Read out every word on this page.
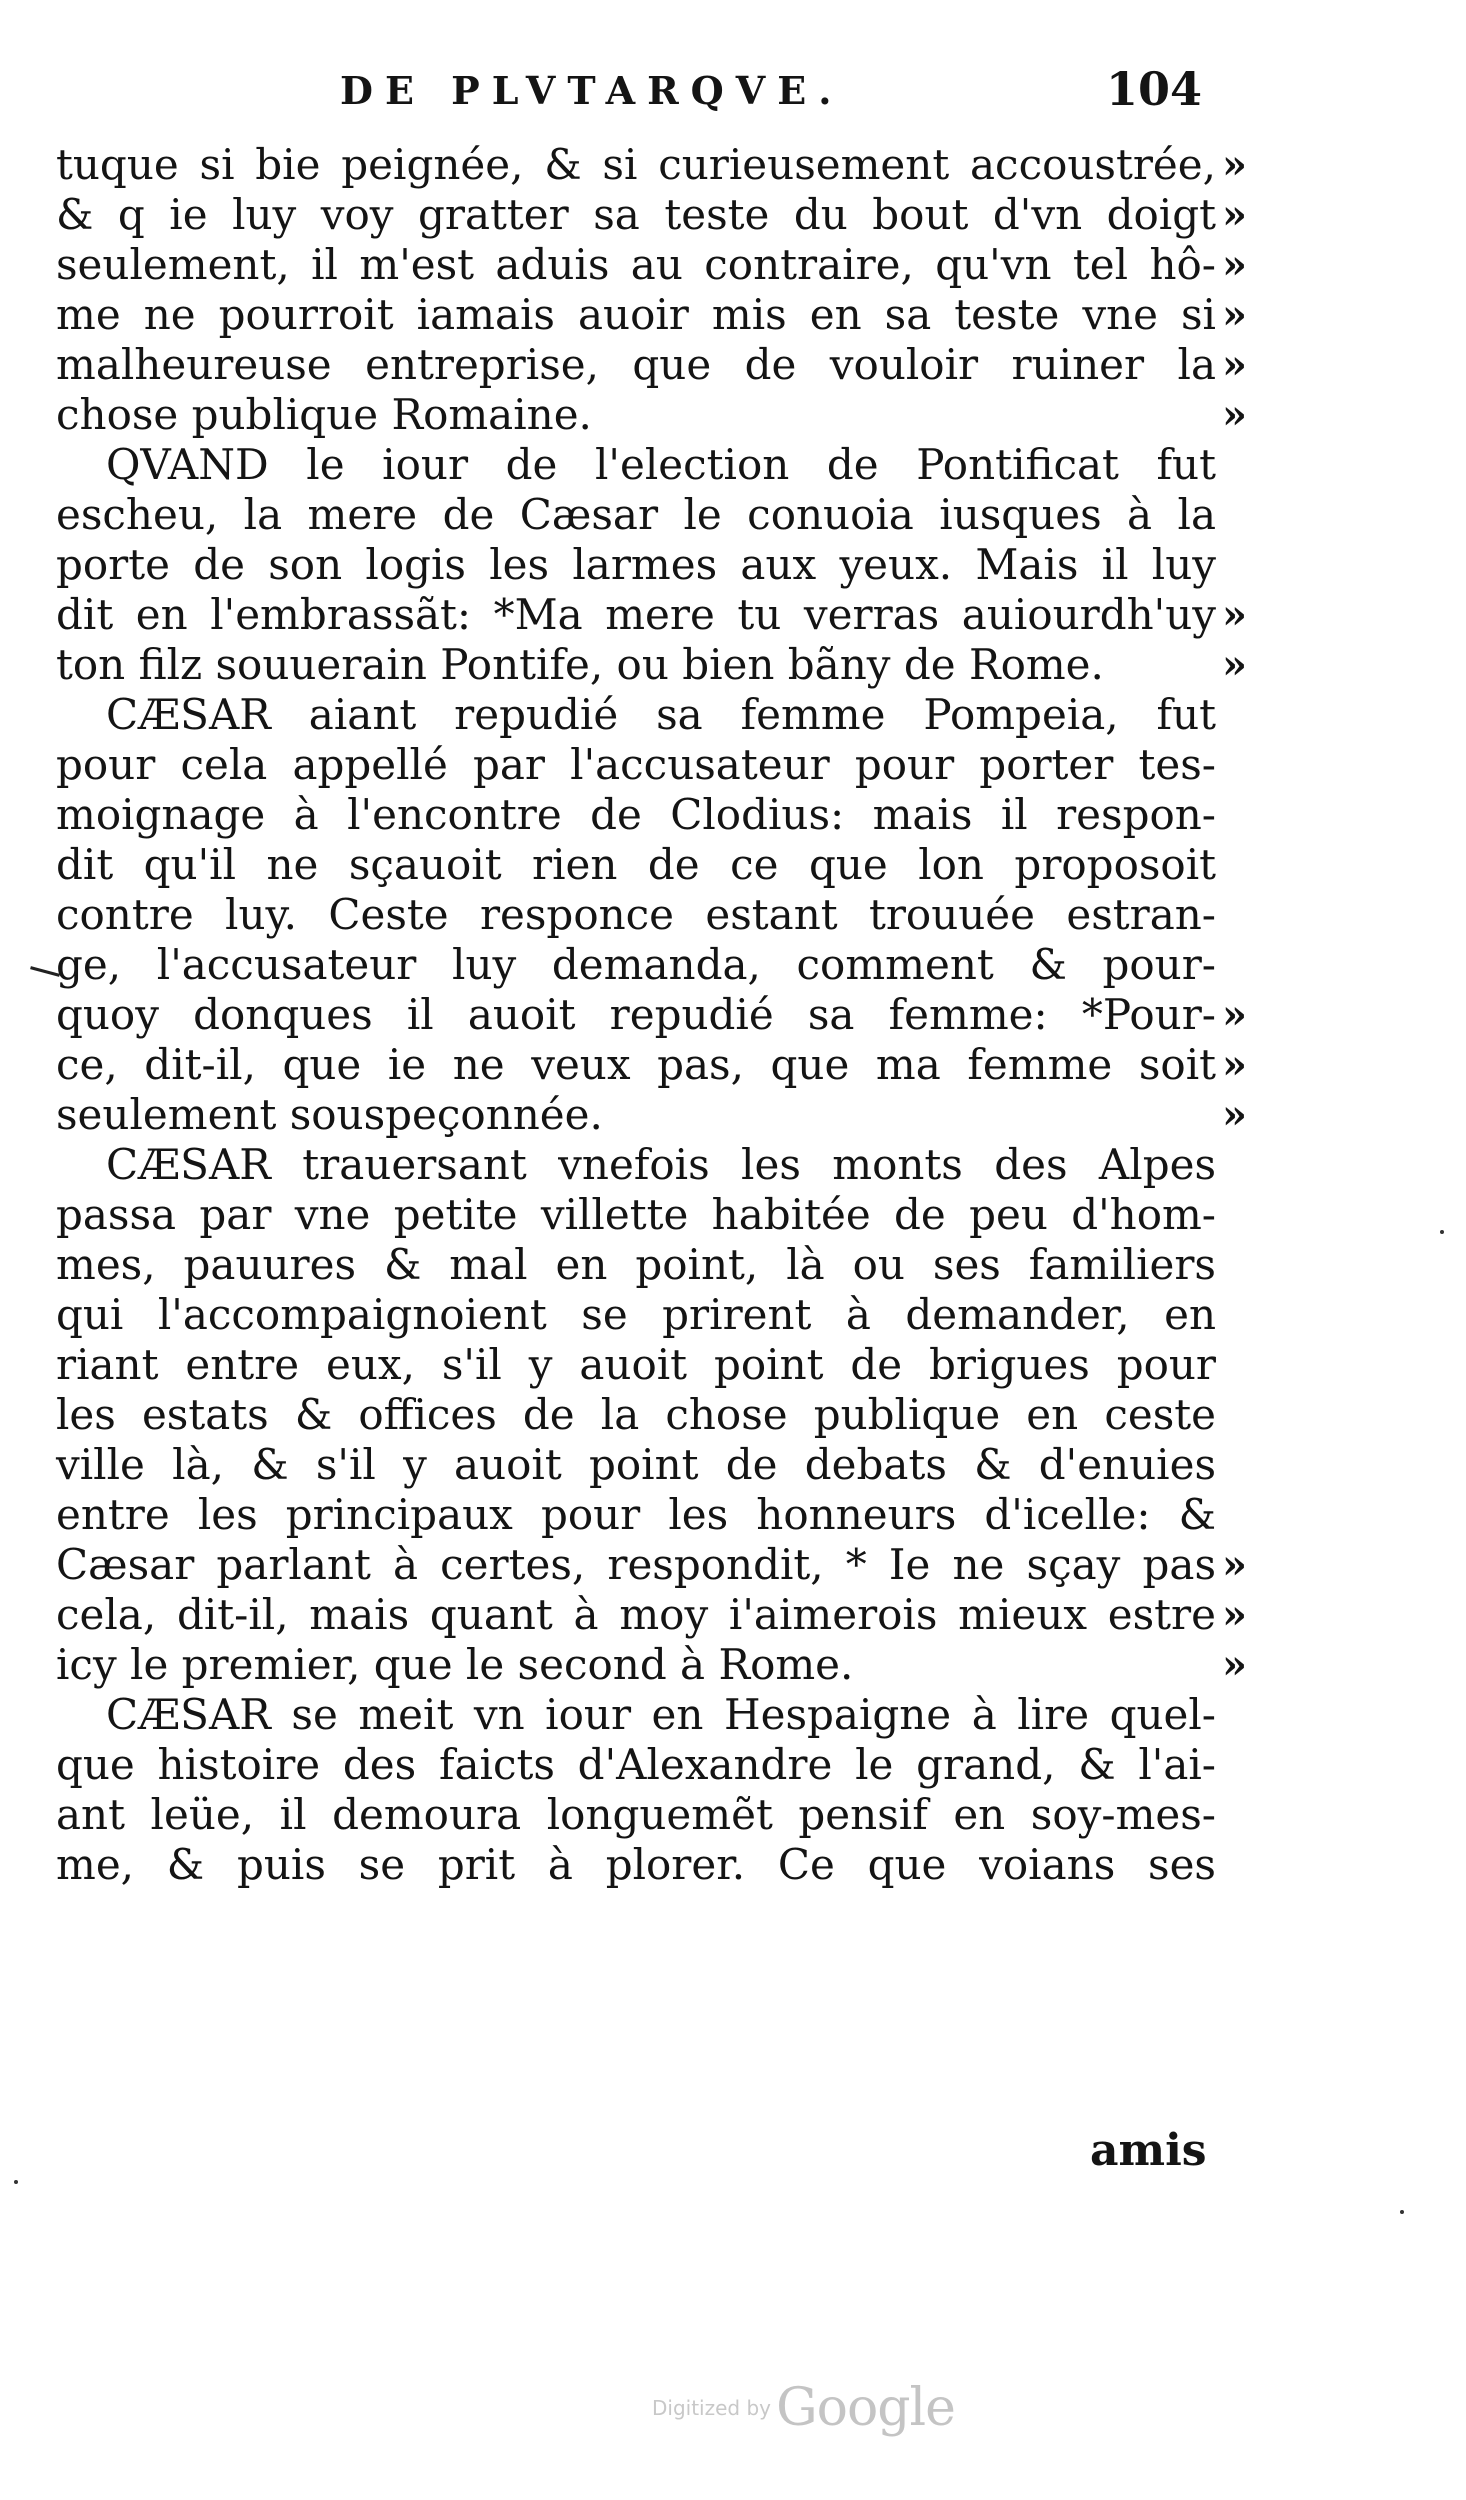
DE PLVTARQVE.	104
tuque si bie peignée, & si curieusement accoustrée,
& q ie luy voy gratter sa teste du bout d'vn doigt
seulement, il m'est aduis au contraire, qu'vn tel hô-
me ne pourroit iamais auoir mis en sa teste vne si
malheureuse entreprise, que de vouloir ruiner la
chose publique Romaine.
QVAND le iour de l'election de Pontificat fut
escheu, la mere de Cæsar le conuoia iusques à la
porte de son logis les larmes aux yeux. Mais il luy
dit en l'embrassãt: *Ma mere tu verras auiourdh'uy
ton filz souuerain Pontife, ou bien bãny de Rome.
CÆSAR aiant repudié sa femme Pompeia, fut
pour cela appellé par l'accusateur pour porter tes-
moignage à l'encontre de Clodius: mais il respon-
dit qu'il ne sçauoit rien de ce que lon proposoit
contre luy. Ceste responce estant trouuée estran-
ge, l'accusateur luy demanda, comment & pour-
quoy donques il auoit repudié sa femme: *Pour-
ce, dit-il, que ie ne veux pas, que ma femme soit
seulement souspeçonnée.
CÆSAR trauersant vnefois les monts des Alpes
passa par vne petite villette habitée de peu d'hom-
mes, pauures & mal en point, là ou ses familiers
qui l'accompaignoient se prirent à demander, en
riant entre eux, s'il y auoit point de brigues pour
les estats & offices de la chose publique en ceste
ville là, & s'il y auoit point de debats & d'enuies
entre les principaux pour les honneurs d'icelle: &
Cæsar parlant à certes, respondit, * Ie ne sçay pas
cela, dit-il, mais quant à moy i'aimerois mieux estre
icy le premier, que le second à Rome.
CÆSAR se meit vn iour en Hespaigne à lire quel-
que histoire des faicts d'Alexandre le grand, & l'ai-
ant leüe, il demoura longuemẽt pensif en soy-mes-
me, & puis se prit à plorer. Ce que voians ses
»
»
»
»
»
»
»
»
»
»
»
»
»
»
amis
Digitized by Google
